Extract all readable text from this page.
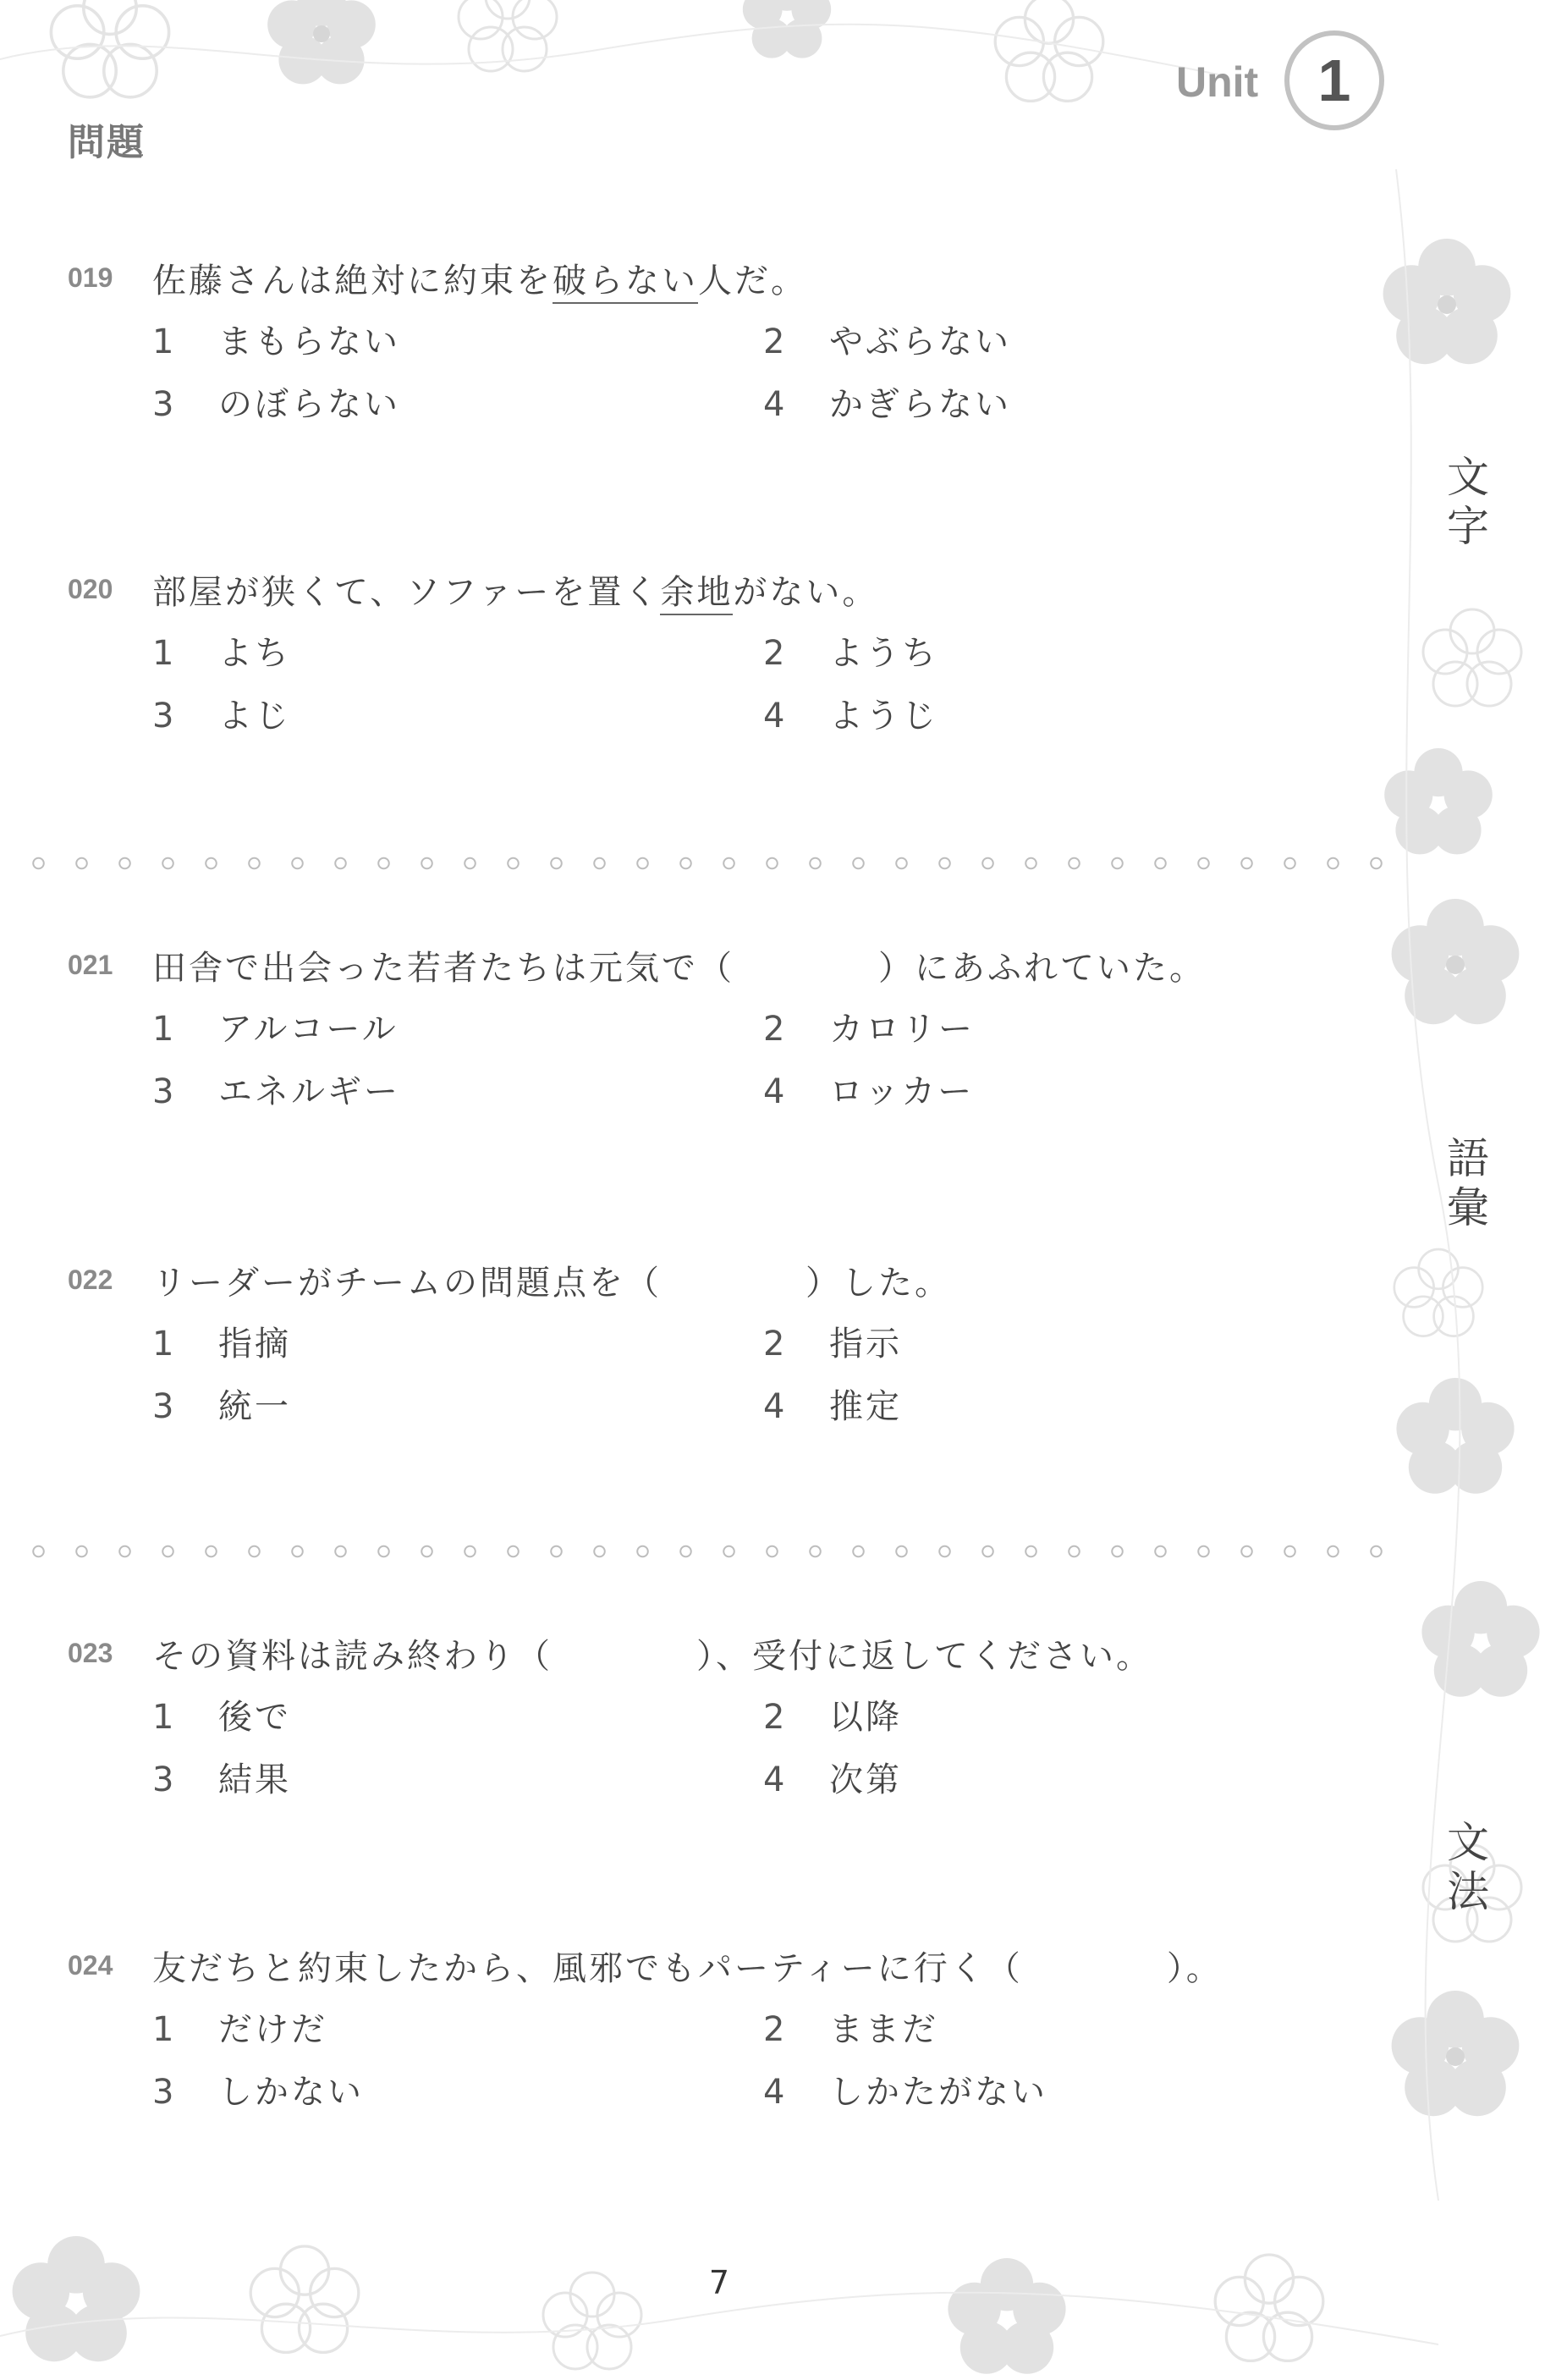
問題
Unit 1
文
字
語
彙
文
法
019 佐藤さんは絶対に約束を破らない人だ。
1 まもらない	2 やぶらない
3 のぼらない	4 かぎらない
020 部屋が狭くて、ソファーを置く余地がない。
1 よち	2 ようち
3 よじ	4 ようじ
021 田舎で出会った若者たちは元気で（	）にあふれていた。
1 アルコール	2 カロリー
3 エネルギー	4 ロッカー
022 リーダーがチームの問題点を（	）した。
1 指摘	2 指示
3 統一	4 推定
023 その資料は読み終わり（	）、受付に返してください。
1 後で	2 以降
3 結果	4 次第
024 友だちと約束したから、風邪でもパーティーに行く（	）。
1 だけだ	2 ままだ
3 しかない	4 しかたがない
7
